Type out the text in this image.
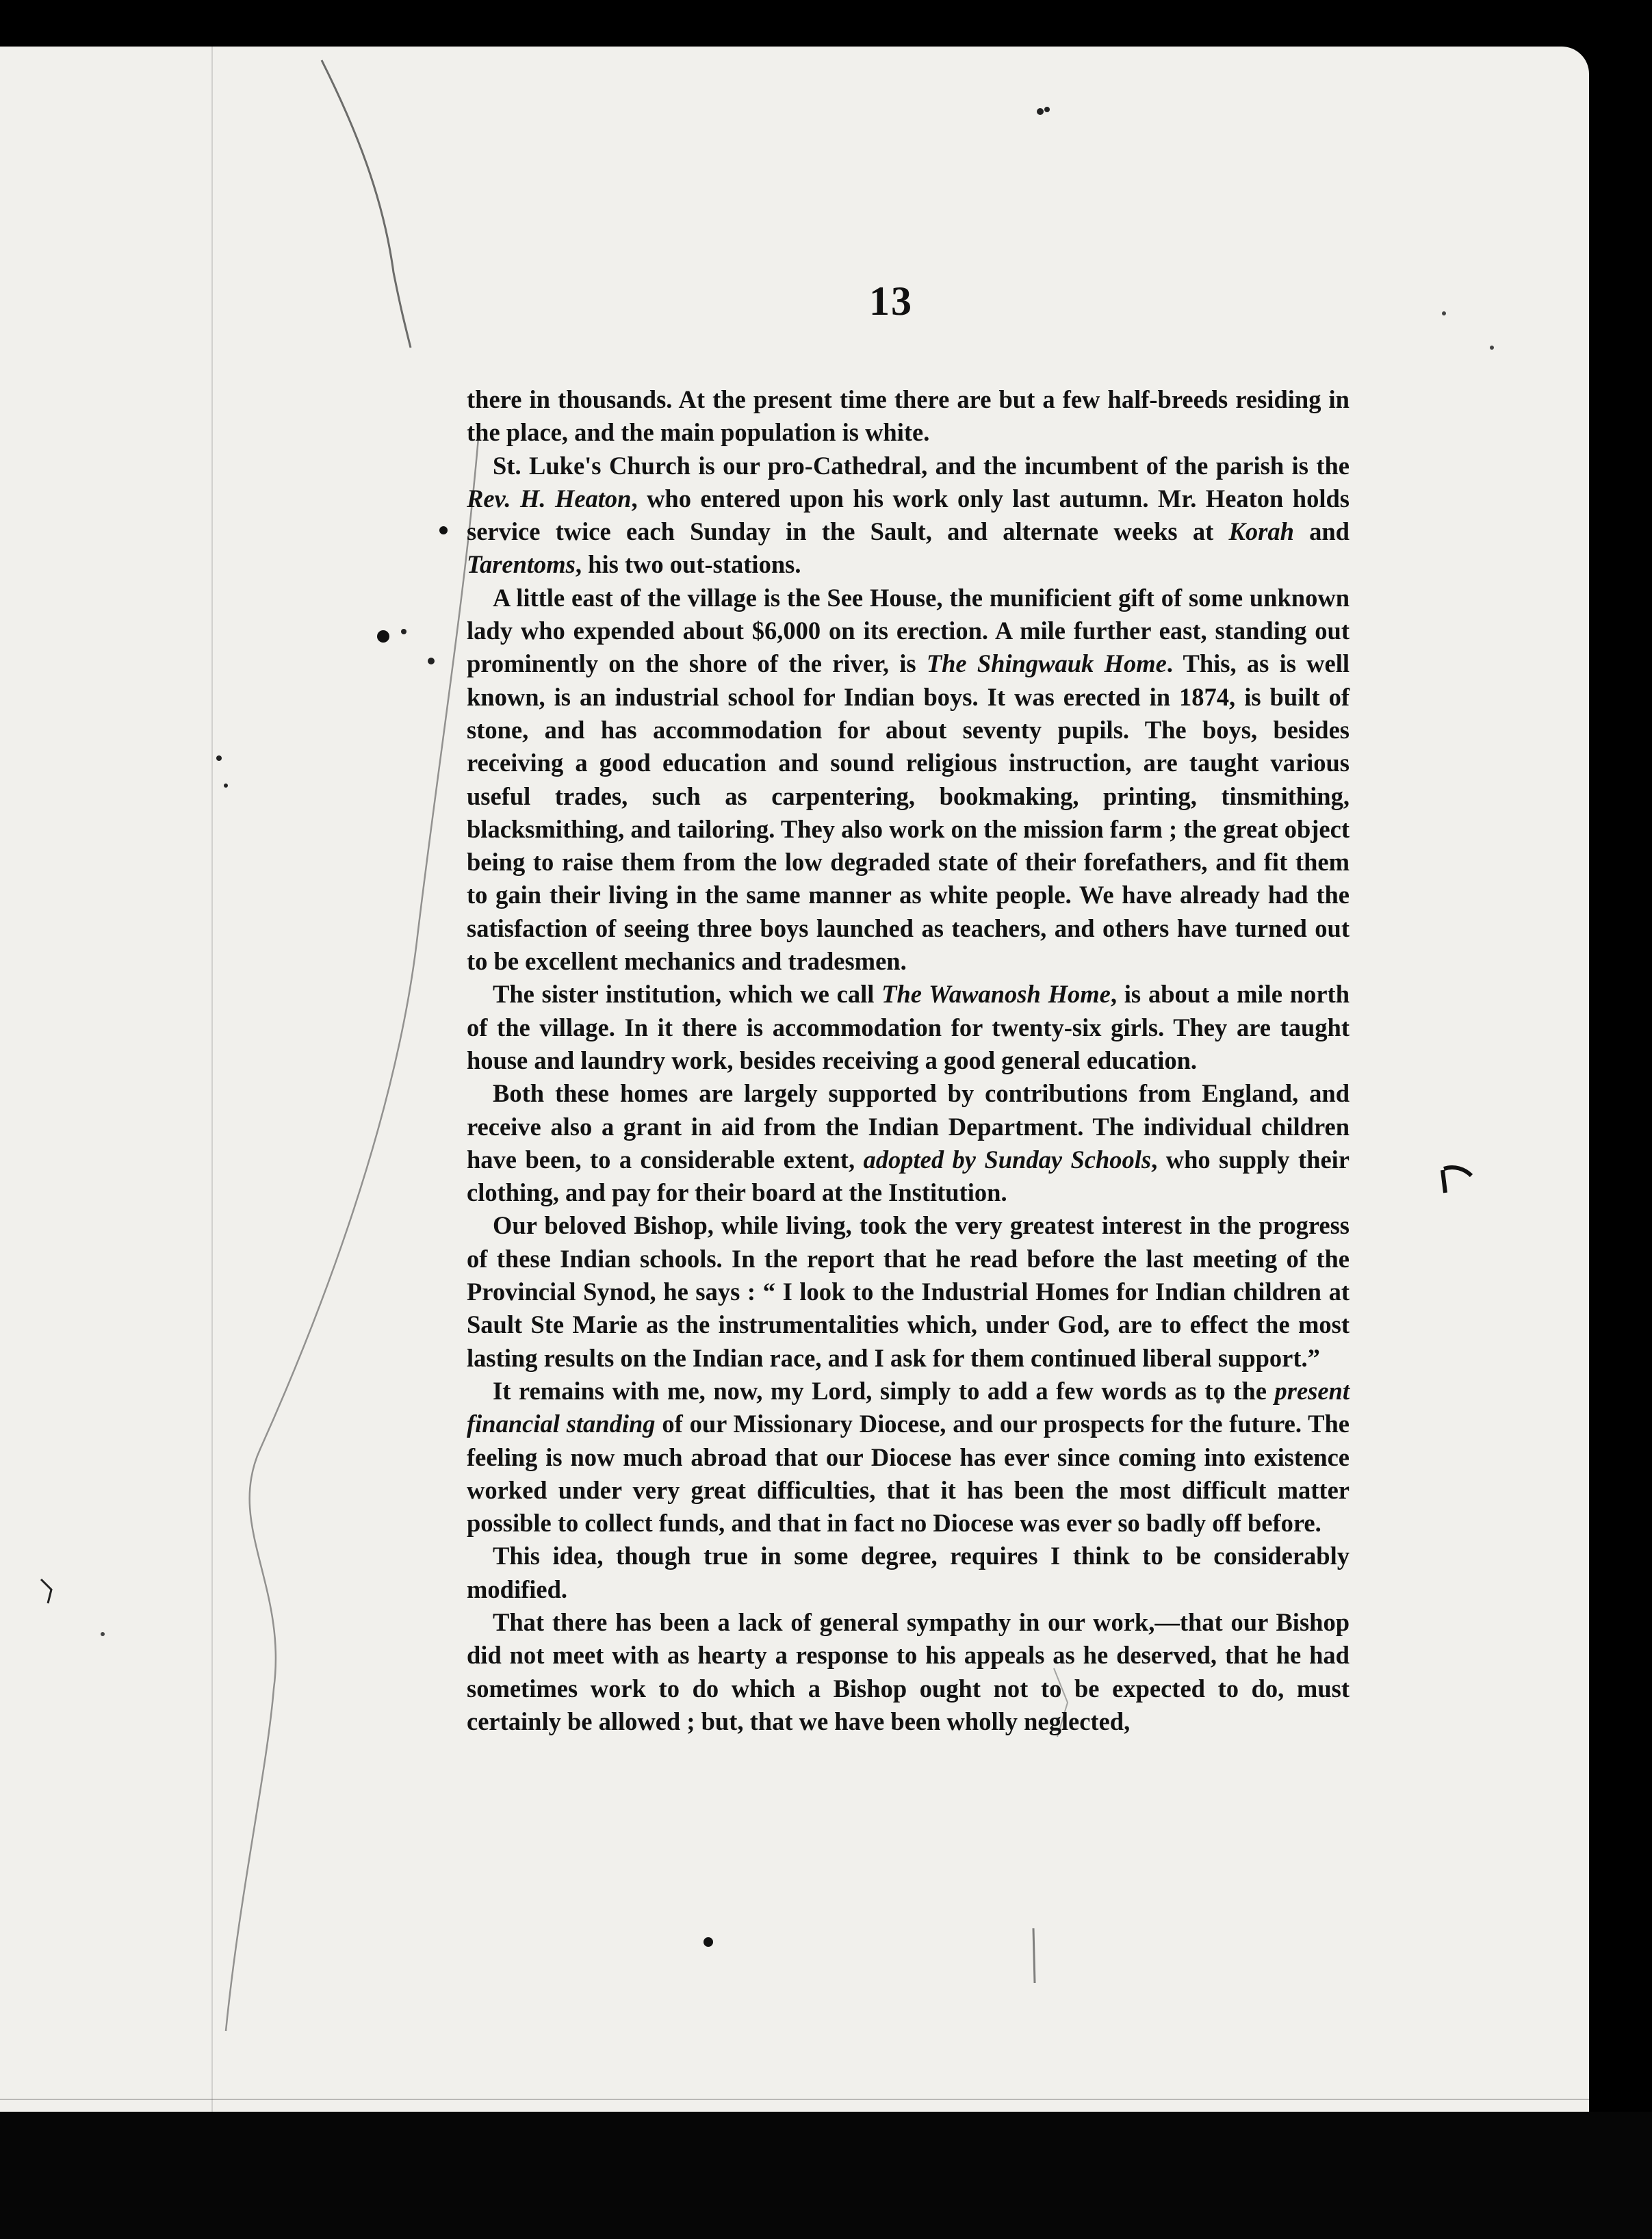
13

there in thousands. At the present time there are but a few half-breeds residing in the place, and the main population is white.

St. Luke's Church is our pro-Cathedral, and the incumbent of the parish is the Rev. H. Heaton, who entered upon his work only last autumn. Mr. Heaton holds service twice each Sunday in the Sault, and alternate weeks at Korah and Tarentoms, his two out-stations.

A little east of the village is the See House, the munificient gift of some unknown lady who expended about $6,000 on its erection. A mile further east, standing out prominently on the shore of the river, is The Shingwauk Home. This, as is well known, is an industrial school for Indian boys. It was erected in 1874, is built of stone, and has accommodation for about seventy pupils. The boys, besides receiving a good education and sound religious instruction, are taught various useful trades, such as carpentering, bookmaking, printing, tinsmithing, blacksmithing, and tailoring. They also work on the mission farm ; the great object being to raise them from the low degraded state of their forefathers, and fit them to gain their living in the same manner as white people. We have already had the satisfaction of seeing three boys launched as teachers, and others have turned out to be excellent mechanics and tradesmen.

The sister institution, which we call The Wawanosh Home, is about a mile north of the village. In it there is accommodation for twenty-six girls. They are taught house and laundry work, besides receiving a good general education.

Both these homes are largely supported by contributions from England, and receive also a grant in aid from the Indian Department. The individual children have been, to a considerable extent, adopted by Sunday Schools, who supply their clothing, and pay for their board at the Institution.

Our beloved Bishop, while living, took the very greatest interest in the progress of these Indian schools. In the report that he read before the last meeting of the Provincial Synod, he says : “ I look to the Industrial Homes for Indian children at Sault Ste Marie as the instrumentalities which, under God, are to effect the most lasting results on the Indian race, and I ask for them continued liberal support.”

It remains with me, now, my Lord, simply to add a few words as to the present financial standing of our Missionary Diocese, and our prospects for the future. The feeling is now much abroad that our Diocese has ever since coming into existence worked under very great difficulties, that it has been the most difficult matter possible to collect funds, and that in fact no Diocese was ever so badly off before.

This idea, though true in some degree, requires I think to be considerably modified.

That there has been a lack of general sympathy in our work,—that our Bishop did not meet with as hearty a response to his appeals as he deserved, that he had sometimes work to do which a Bishop ought not to be expected to do, must certainly be allowed ; but, that we have been wholly neglected,
